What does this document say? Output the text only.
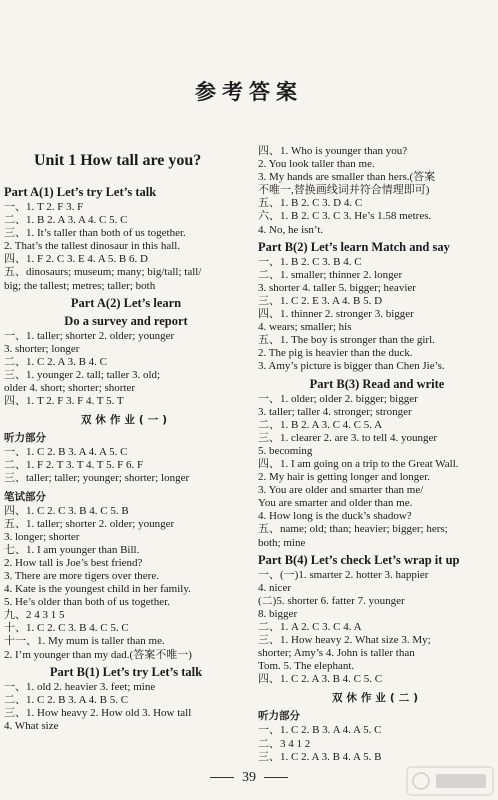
参考答案
Unit 1 How tall are you?
Part A(1) Let’s try Let’s talk
一、1. T 2. F 3. F
二、1. B 2. A 3. A 4. C 5. C
三、1. It’s taller than both of us together.
2. That’s the tallest dinosaur in this hall.
四、1. F 2. C 3. E 4. A 5. B 6. D
五、dinosaurs; museum; many; big/tall; tall/
big; the tallest; metres; taller; both
Part A(2) Let’s learn
Do a survey and report
一、1. taller; shorter 2. older; younger
3. shorter; longer
二、1. C 2. A 3. B 4. C
三、1. younger 2. tall; taller 3. old;
older 4. short; shorter; shorter
四、1. T 2. F 3. F 4. T 5. T
双休作业(一)
听力部分
一、1. C 2. B 3. A 4. A 5. C
二、1. F 2. T 3. T 4. T 5. F 6. F
三、taller; taller; younger; shorter; longer
笔试部分
四、1. C 2. C 3. B 4. C 5. B
五、1. taller; shorter 2. older; younger
3. longer; shorter
七、1. I am younger than Bill.
2. How tall is Joe’s best friend?
3. There are more tigers over there.
4. Kate is the youngest child in her family.
5. He’s older than both of us together.
九、2 4 3 1 5
十、1. C 2. C 3. B 4. C 5. C
十一、1. My mum is taller than me.
2. I’m younger than my dad.(答案不唯一)
Part B(1) Let’s try Let’s talk
一、1. old 2. heavier 3. feet; mine
二、1. C 2. B 3. A 4. B 5. C
三、1. How heavy 2. How old 3. How tall
4. What size
四、1. Who is younger than you?
2. You look taller than me.
3. My hands are smaller than hers.(答案
不唯一,替换画线词并符合情理即可)
五、1. B 2. C 3. D 4. C
六、1. B 2. C 3. C 3. He’s 1.58 metres.
4. No, he isn’t.
Part B(2) Let’s learn Match and say
一、1. B 2. C 3. B 4. C
二、1. smaller; thinner 2. longer
3. shorter 4. taller 5. bigger; heavier
三、1. C 2. E 3. A 4. B 5. D
四、1. thinner 2. stronger 3. bigger
4. wears; smaller; his
五、1. The boy is stronger than the girl.
2. The pig is heavier than the duck.
3. Amy’s picture is bigger than Chen Jie’s.
Part B(3) Read and write
一、1. older; older 2. bigger; bigger
3. taller; taller 4. stronger; stronger
二、1. B 2. A 3. C 4. C 5. A
三、1. clearer 2. are 3. to tell 4. younger
5. becoming
四、1. I am going on a trip to the Great Wall.
2. My hair is getting longer and longer.
3. You are older and smarter than me/
You are smarter and older than me.
4. How long is the duck’s shadow?
五、name; old; than; heavier; bigger; hers;
both; mine
Part B(4) Let’s check Let’s wrap it up
一、(一)1. smarter 2. hotter 3. happier
4. nicer
(二)5. shorter 6. fatter 7. younger
8. bigger
二、1. A 2. C 3. C 4. A
三、1. How heavy 2. What size 3. My;
shorter; Amy’s 4. John is taller than
Tom. 5. The elephant.
四、1. C 2. A 3. B 4. C 5. C
双休作业(二)
听力部分
一、1. C 2. B 3. A 4. A 5. C
二、3 4 1 2
三、1. C 2. A 3. B 4. A 5. B
39
